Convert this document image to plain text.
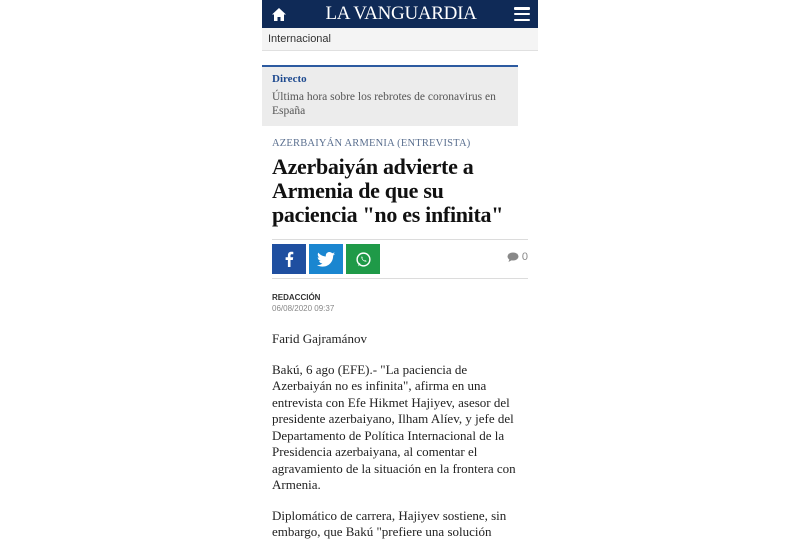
LA VANGUARDIA
Internacional
Directo
Última hora sobre los rebrotes de coronavirus en España
AZERBAIYÁN ARMENIA (ENTREVISTA)
Azerbaiyán advierte a Armenia de que su paciencia "no es infinita"
0
REDACCIÓN
06/08/2020 09:37

Farid Gajramánov

Bakú, 6 ago (EFE).- "La paciencia de Azerbaiyán no es infinita", afirma en una entrevista con Efe Hikmet Hajiyev, asesor del presidente azerbaiyano, Ilham Alíev, y jefe del Departamento de Política Internacional de la Presidencia azerbaiyana, al comentar el agravamiento de la situación en la frontera con Armenia.

Diplomático de carrera, Hajiyev sostiene, sin embargo, que Bakú "prefiere una solución
